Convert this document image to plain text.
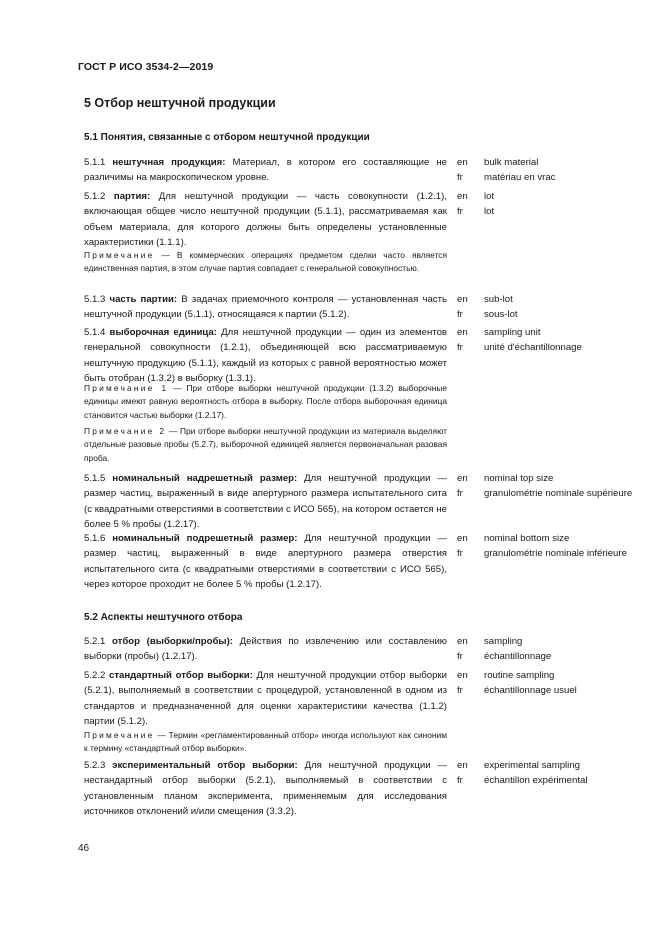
ГОСТ Р ИСО 3534-2—2019
5 Отбор нештучной продукции
5.1 Понятия, связанные с отбором нештучной продукции
5.1.1 нештучная продукция: Материал, в котором его составляющие не различимы на макроскопическом уровне.
en
fr
bulk material
matériau en vrac
5.1.2 партия: Для нештучной продукции — часть совокупности (1.2.1), включающая общее число нештучной продукции (5.1.1), рассматриваемая как объем материала, для которого должны быть определены установленные характеристики (1.1.1).
en
fr
lot
lot
Примечание — В коммерческих операциях предметом сделки часто является единственная партия, в этом случае партия совпадает с генеральной совокупностью.
5.1.3 часть партии: В задачах приемочного контроля — установленная часть нештучной продукции (5.1.1), относящаяся к партии (5.1.2).
en
fr
sub-lot
sous-lot
5.1.4 выборочная единица: Для нештучной продукции — один из элементов генеральной совокупности (1.2.1), объединяющей всю рассматриваемую нештучную продукцию (5.1.1), каждый из которых с равной вероятностью может быть отобран (1.3.2) в выборку (1.3.1).
en
fr
sampling unit
unité d'échantillonnage
Примечание 1 — При отборе выборки нештучной продукции (1.3.2) выборочные единицы имеют равную вероятность отбора в выборку. После отбора выборочная единица становится частью выборки (1.2.17).
Примечание 2 — При отборе выборки нештучной продукции из материала выделяют отдельные разовые пробы (5.2.7), выборочной единицей является первоначальная разовая проба.
5.1.5 номинальный надрешетный размер: Для нештучной продукции — размер частиц, выраженный в виде апертурного размера испытательного сита (с квадратными отверстиями в соответствии с ИСО 565), на котором остается не более 5 % пробы (1.2.17).
en
fr
nominal top size
granulométrie nominale supérieure
5.1.6 номинальный подрешетный размер: Для нештучной продукции — размер частиц, выраженный в виде апертурного размера отверстия испытательного сита (с квадратными отверстиями в соответствии с ИСО 565), через которое проходит не более 5 % пробы (1.2.17).
en
fr
nominal bottom size
granulométrie nominale inférieure
5.2 Аспекты нештучного отбора
5.2.1 отбор (выборки/пробы): Действия по извлечению или составлению выборки (пробы) (1.2.17).
en
fr
sampling
échantillonnage
5.2.2 стандартный отбор выборки: Для нештучной продукции отбор выборки (5.2.1), выполняемый в соответствии с процедурой, установленной в одном из стандартов и предназначенной для оценки характеристики качества (1.1.2) партии (5.1.2).
en
fr
routine sampling
échantillonnage usuel
Примечание — Термин «регламентированный отбор» иногда используют как синоним к термину «стандартный отбор выборки».
5.2.3 экспериментальный отбор выборки: Для нештучной продукции — нестандартный отбор выборки (5.2.1), выполняемый в соответствии с установленным планом эксперимента, применяемым для исследования источников отклонений и/или смещения (3.3.2).
en
fr
experimental sampling
échantillon expérimental
46
